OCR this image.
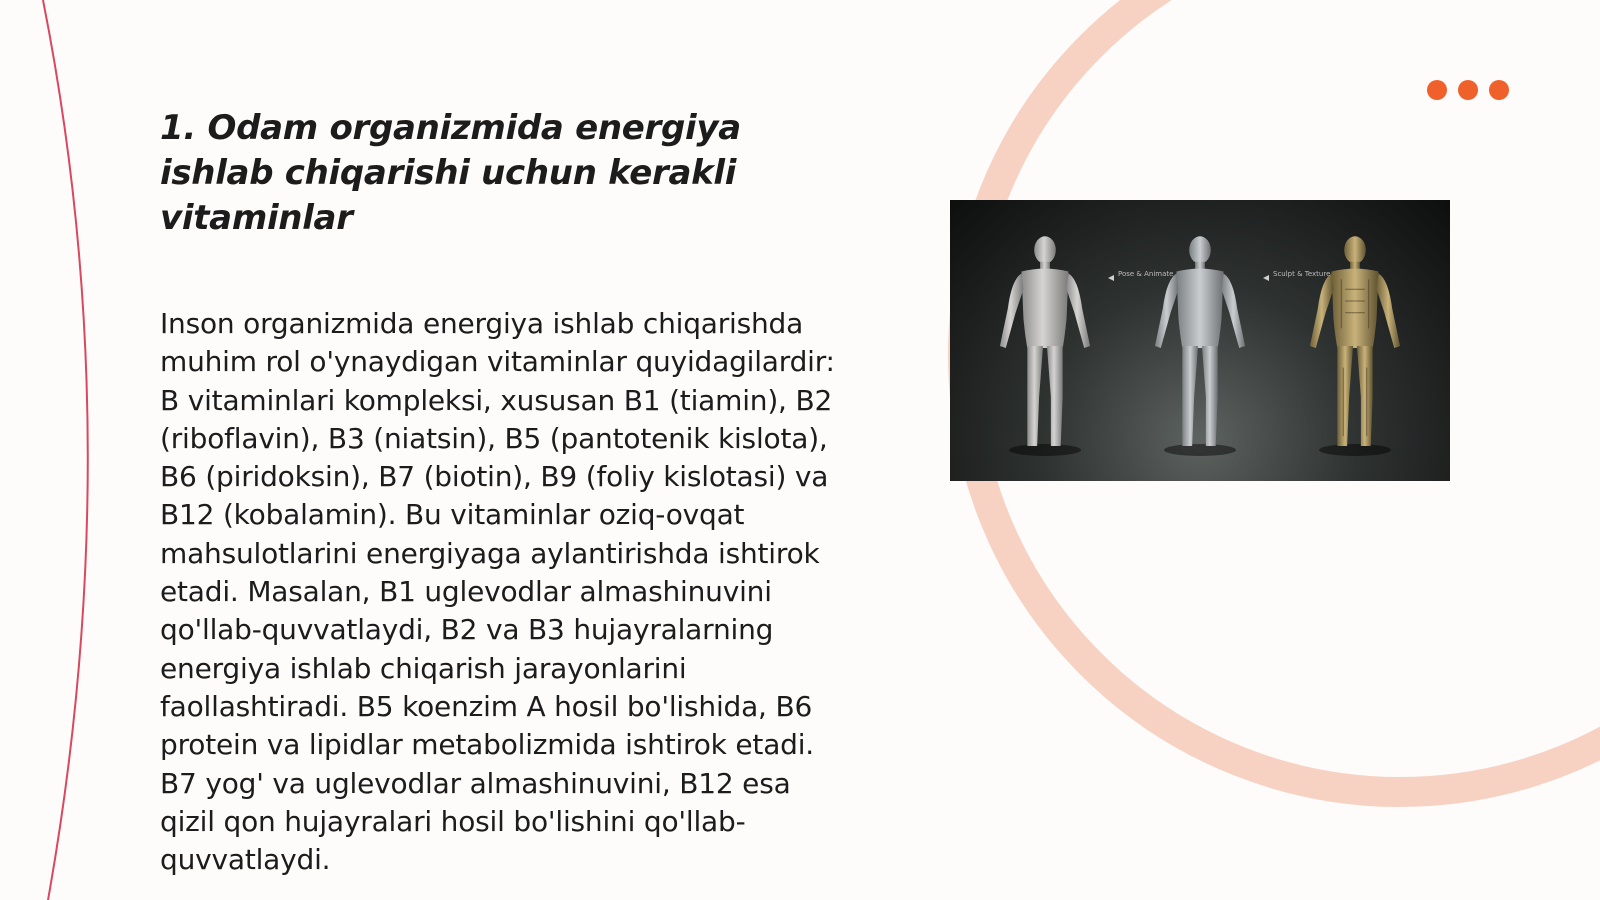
1. Odam organizmida energiya ishlab chiqarishi uchun kerakli vitaminlar

Inson organizmida energiya ishlab chiqarishda muhim rol o'ynaydigan vitaminlar quyidagilardir: B vitaminlari kompleksi, xususan B1 (tiamin), B2 (riboflavin), B3 (niatsin), B5 (pantotenik kislota), B6 (piridoksin), B7 (biotin), B9 (foliy kislotasi) va B12 (kobalamin). Bu vitaminlar oziq-ovqat mahsulotlarini energiyaga aylantirishda ishtirok etadi. Masalan, B1 uglevodlar almashinuvini qo'llab-quvvatlaydi, B2 va B3 hujayralarning energiya ishlab chiqarish jarayonlarini faollashtiradi. B5 koenzim A hosil bo'lishida, B6 protein va lipidlar metabolizmida ishtirok etadi. B7 yog' va uglevodlar almashinuvini, B12 esa qizil qon hujayralari hosil bo'lishini qo'llab-quvvatlaydi.

Pose & Animate	Sculpt & Texture
